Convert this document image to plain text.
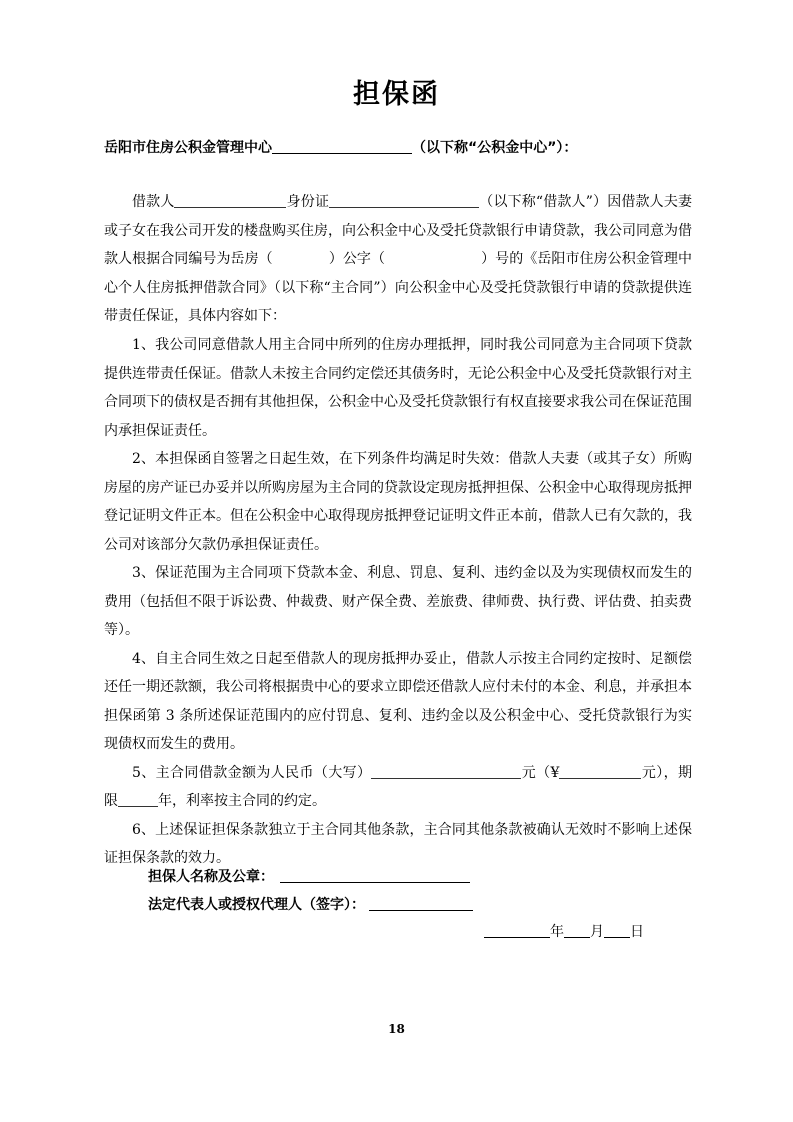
担保函
岳阳市住房公积金管理中心	（以下称“公积金中心”）：

借款人	身份证	（以下称“借款人”）因借款人夫妻或子女在我公司开发的楼盘购买住房，向公积金中心及受托贷款银行申请贷款，我公司同意为借款人根据合同编号为岳房（	）公字（	）号的《岳阳市住房公积金管理中心个人住房抵押借款合同》（以下称“主合同”）向公积金中心及受托贷款银行申请的贷款提供连带责任保证，具体内容如下：

1、我公司同意借款人用主合同中所列的住房办理抵押，同时我公司同意为主合同项下贷款提供连带责任保证。借款人未按主合同约定偿还其债务时，无论公积金中心及受托贷款银行对主合同项下的债权是否拥有其他担保，公积金中心及受托贷款银行有权直接要求我公司在保证范围内承担保证责任。

2、本担保函自签署之日起生效，在下列条件均满足时失效：借款人夫妻（或其子女）所购房屋的房产证已办妥并以所购房屋为主合同的贷款设定现房抵押担保、公积金中心取得现房抵押登记证明文件正本。但在公积金中心取得现房抵押登记证明文件正本前，借款人已有欠款的，我公司对该部分欠款仍承担保证责任。

3、保证范围为主合同项下贷款本金、利息、罚息、复利、违约金以及为实现债权而发生的费用（包括但不限于诉讼费、仲裁费、财产保全费、差旅费、律师费、执行费、评估费、拍卖费等）。

4、自主合同生效之日起至借款人的现房抵押办妥止，借款人示按主合同约定按时、足额偿还任一期还款额，我公司将根据贵中心的要求立即偿还借款人应付未付的本金、利息，并承担本担保函第 3 条所述保证范围内的应付罚息、复利、违约金以及公积金中心、受托贷款银行为实现债权而发生的费用。

5、主合同借款金额为人民币（大写）	元（¥	元），期限	年，利率按主合同的约定。

6、上述保证担保条款独立于主合同其他条款，主合同其他条款被确认无效时不影响上述保证担保条款的效力。

担保人名称及公章：
法定代表人或授权代理人（签字）：
年 月 日
18
